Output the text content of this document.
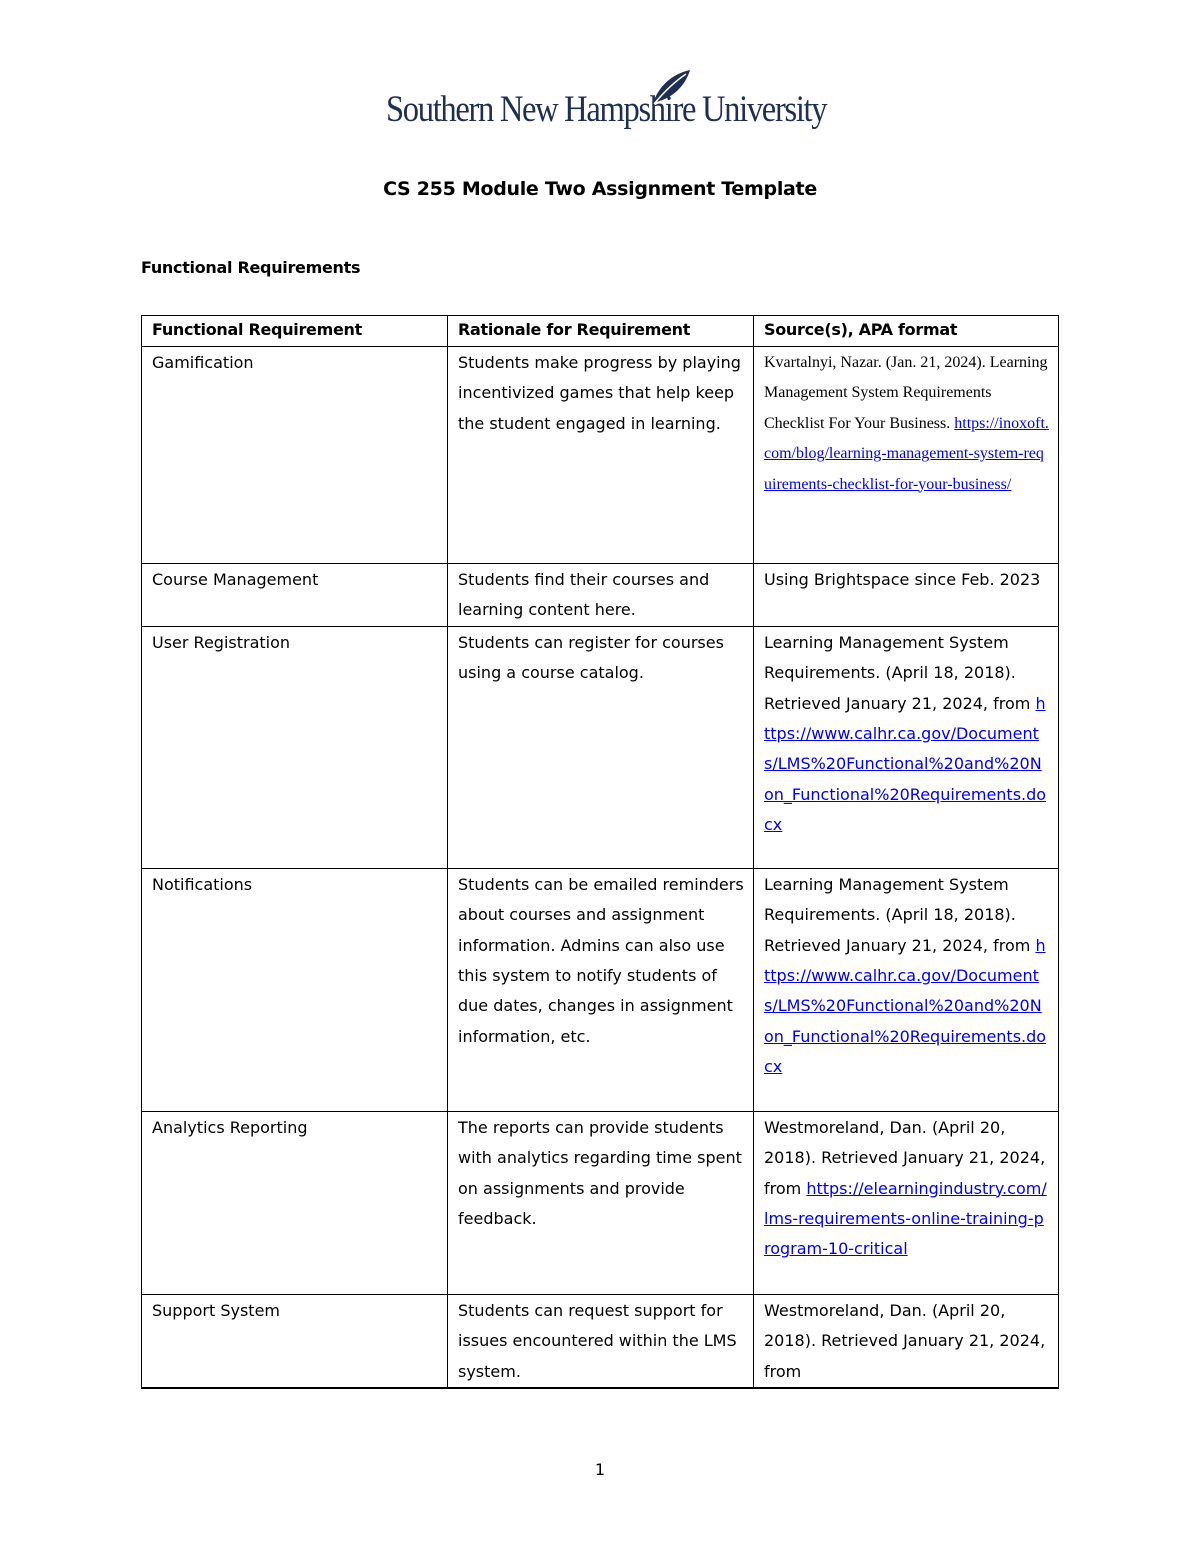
Southern New Hampshire University
CS 255 Module Two Assignment Template
Functional Requirements
Functional Requirement	Rationale for Requirement	Source(s), APA format
Gamification	Students make progress by playing incentivized games that help keep the student engaged in learning.	Kvartalnyi, Nazar. (Jan. 21, 2024). Learning Management System Requirements Checklist For Your Business. https://inoxoft.com/blog/learning-management-system-requirements-checklist-for-your-business/
Course Management	Students find their courses and learning content here.	Using Brightspace since Feb. 2023
User Registration	Students can register for courses using a course catalog.	Learning Management System Requirements. (April 18, 2018). Retrieved January 21, 2024, from https://www.calhr.ca.gov/Documents/LMS%20Functional%20and%20Non_Functional%20Requirements.docx
Notifications	Students can be emailed reminders about courses and assignment information. Admins can also use this system to notify students of due dates, changes in assignment information, etc.	Learning Management System Requirements. (April 18, 2018). Retrieved January 21, 2024, from https://www.calhr.ca.gov/Documents/LMS%20Functional%20and%20Non_Functional%20Requirements.docx
Analytics Reporting	The reports can provide students with analytics regarding time spent on assignments and provide feedback.	Westmoreland, Dan. (April 20, 2018). Retrieved January 21, 2024, from https://elearningindustry.com/lms-requirements-online-training-program-10-critical
Support System	Students can request support for issues encountered within the LMS system.	Westmoreland, Dan. (April 20, 2018). Retrieved January 21, 2024, from
1
